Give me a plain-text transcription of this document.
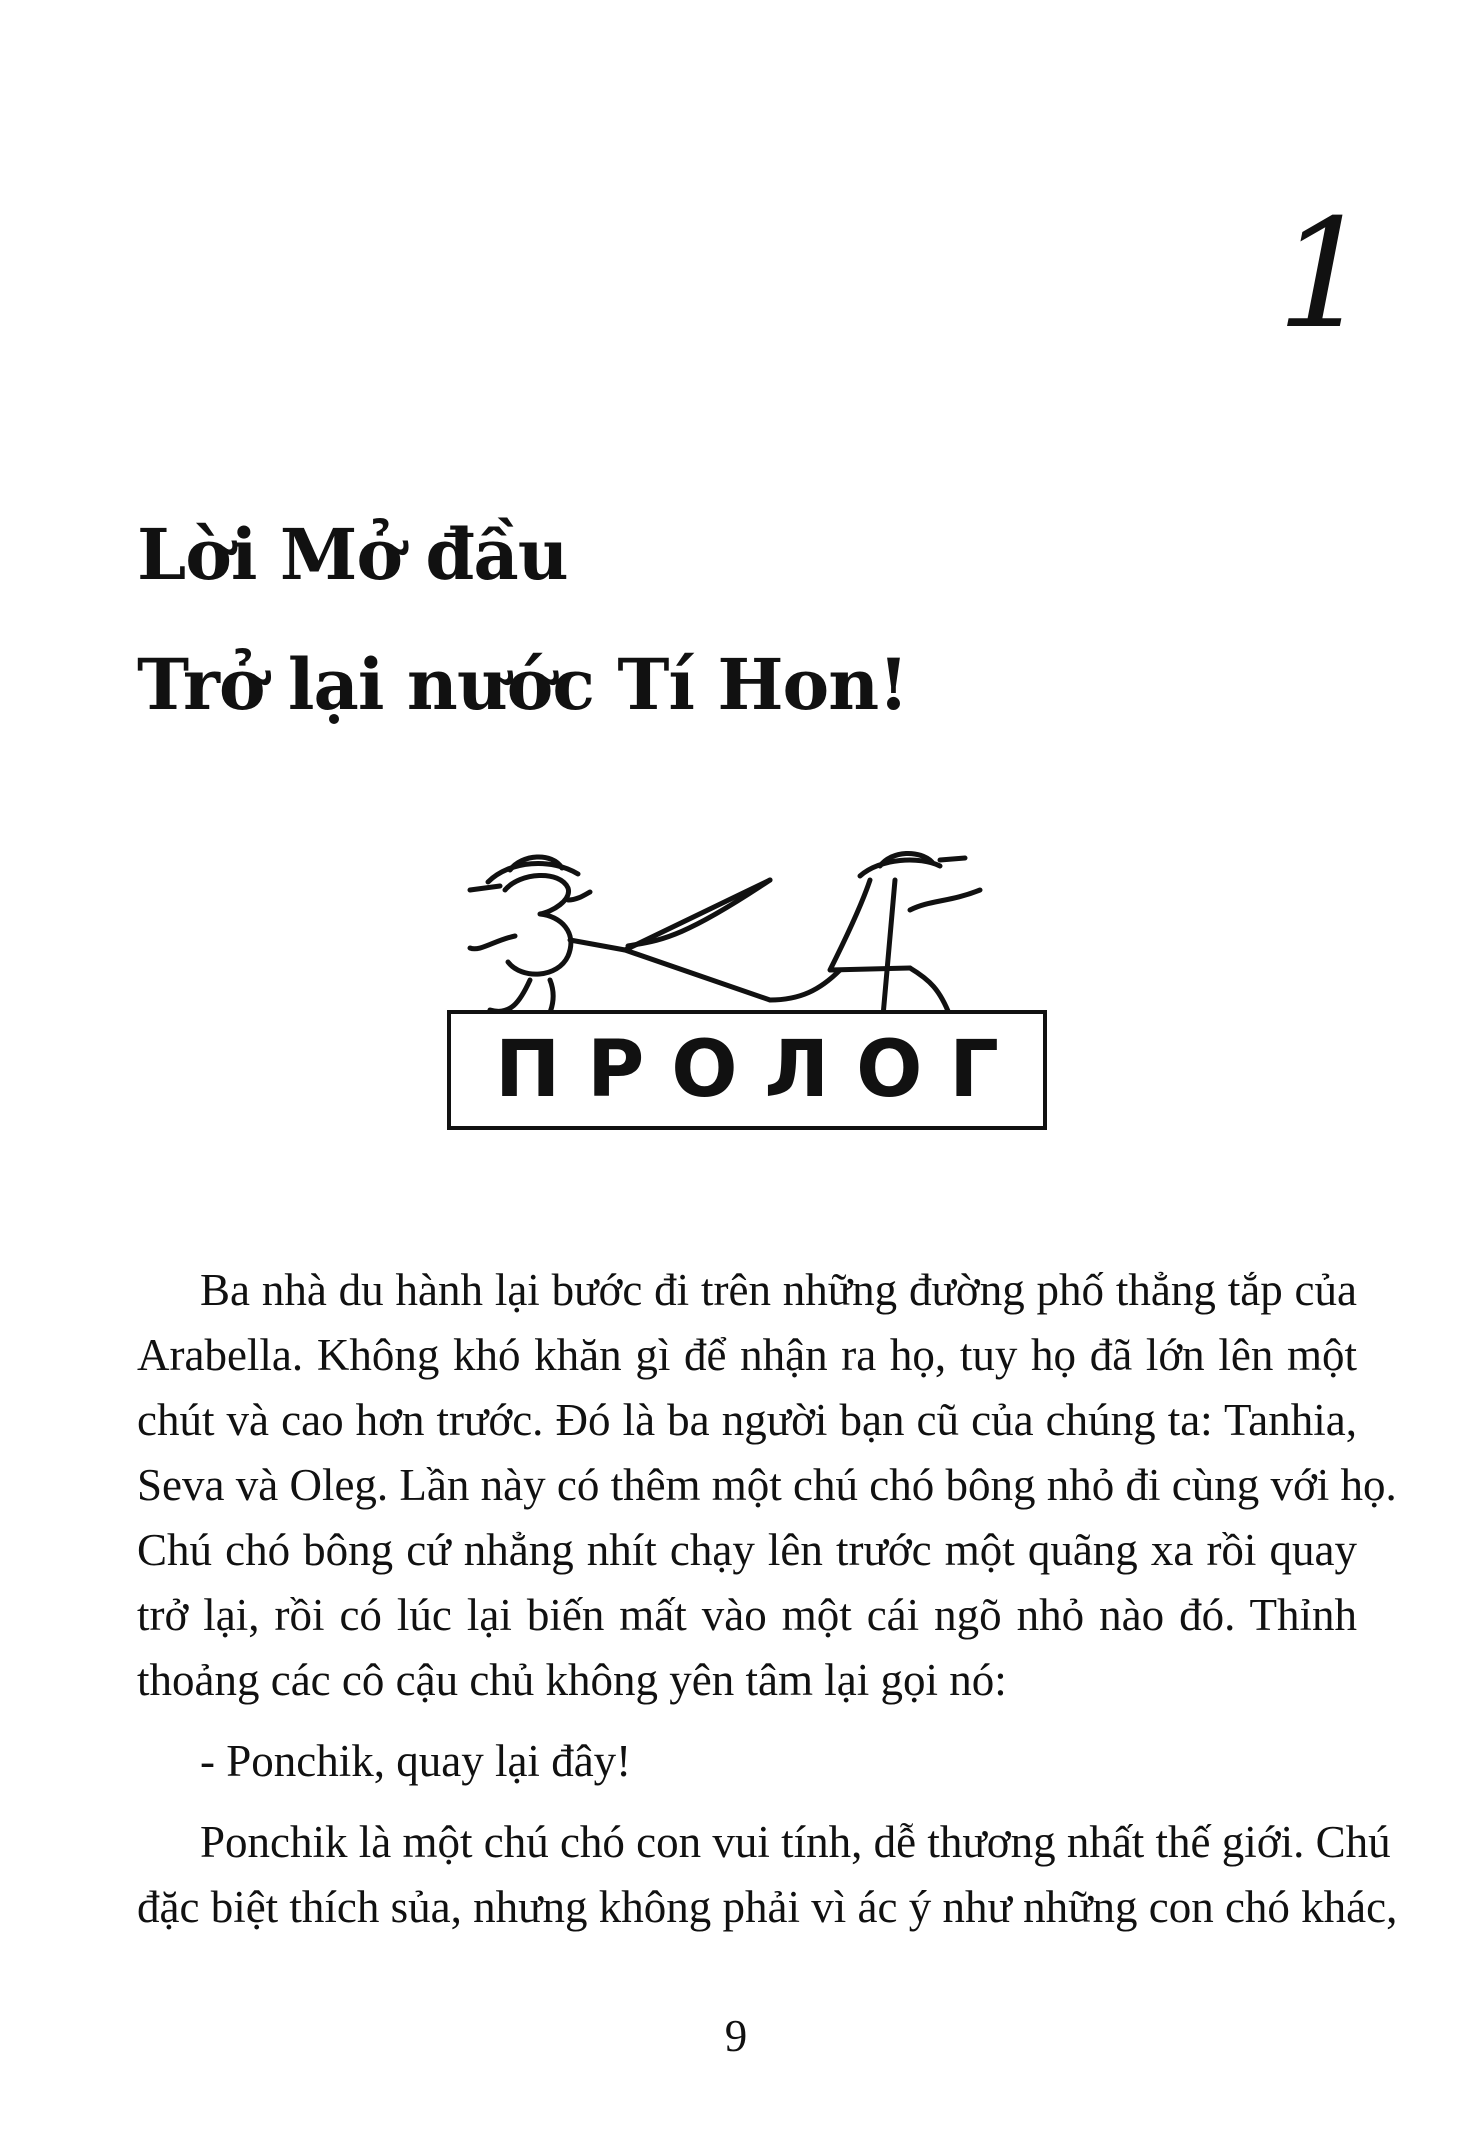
1
Lời Mở đầu
Trở lại nước Tí Hon!
П Р О Л О Г
Ba nhà du hành lại bước đi trên những đường phố thẳng tắp của
Arabella. Không khó khăn gì để nhận ra họ, tuy họ đã lớn lên một
chút và cao hơn trước. Đó là ba người bạn cũ của chúng ta: Tanhia,
Seva và Oleg. Lần này có thêm một chú chó bông nhỏ đi cùng với họ.
Chú chó bông cứ nhẳng nhít chạy lên trước một quãng xa rồi quay
trở lại, rồi có lúc lại biến mất vào một cái ngõ nhỏ nào đó. Thỉnh
thoảng các cô cậu chủ không yên tâm lại gọi nó:
- Ponchik, quay lại đây!
Ponchik là một chú chó con vui tính, dễ thương nhất thế giới. Chú
đặc biệt thích sủa, nhưng không phải vì ác ý như những con chó khác,
9
